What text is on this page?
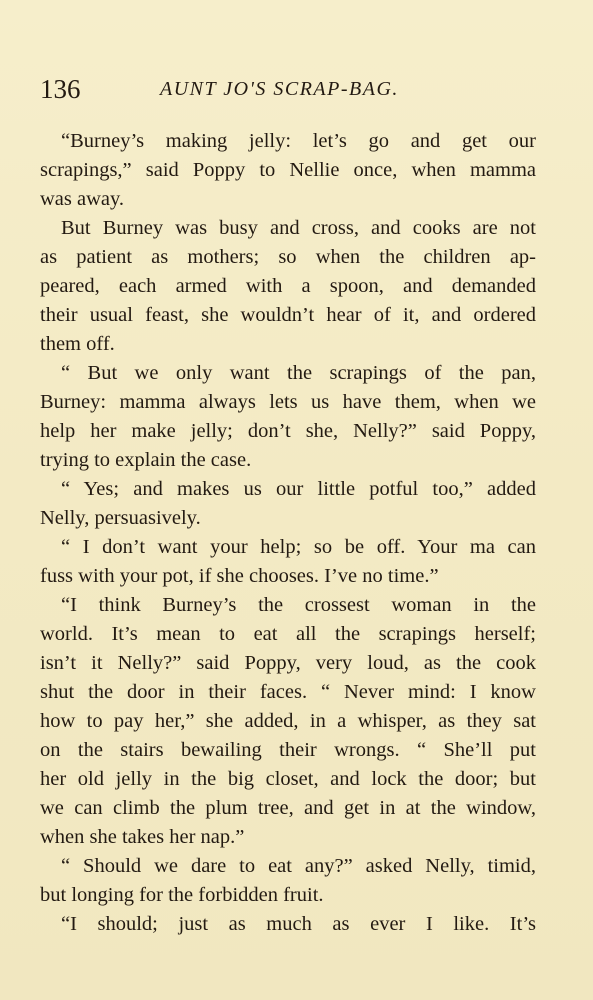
136	AUNT JO'S SCRAP-BAG.
“Burney’s making jelly: let’s go and get our
scrapings,” said Poppy to Nellie once, when mamma
was away.
But Burney was busy and cross, and cooks are not
as patient as mothers; so when the children ap-
peared, each armed with a spoon, and demanded
their usual feast, she wouldn’t hear of it, and ordered
them off.
“ But we only want the scrapings of the pan,
Burney: mamma always lets us have them, when we
help her make jelly; don’t she, Nelly?” said Poppy,
trying to explain the case.
“ Yes; and makes us our little potful too,” added
Nelly, persuasively.
“ I don’t want your help; so be off. Your ma can
fuss with your pot, if she chooses. I’ve no time.”
“I think Burney’s the crossest woman in the
world. It’s mean to eat all the scrapings herself;
isn’t it Nelly?” said Poppy, very loud, as the cook
shut the door in their faces. “ Never mind: I know
how to pay her,” she added, in a whisper, as they sat
on the stairs bewailing their wrongs. “ She’ll put
her old jelly in the big closet, and lock the door; but
we can climb the plum tree, and get in at the window,
when she takes her nap.”
“ Should we dare to eat any?” asked Nelly, timid,
but longing for the forbidden fruit.
“I should; just as much as ever I like. It’s
